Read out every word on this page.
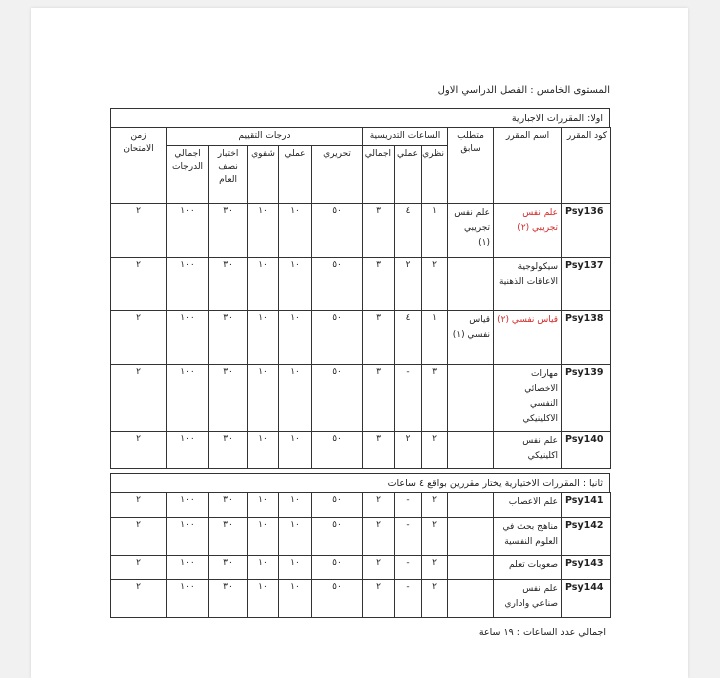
المستوى الخامس : الفصل الدراسي الاول
اولا: المقررات الاجبارية
كود المقرر	اسم المقرر	متطلب سابق	الساعات التدريسية			درجات التقييم					زمن الامتحان
			نظري	عملي	اجمالي	تحريري	عملي	شفوي	اختبار نصف العام	اجمالي الدرجات	
Psy136	علم نفس تجريبي (٢)	علم نفس تجريبي (١)	١	٤	٣	٥٠	١٠	١٠	٣٠	١٠٠	٢
Psy137	سيكولوجية الاعاقات الذهنية		٢	٢	٣	٥٠	١٠	١٠	٣٠	١٠٠	٢
Psy138	قياس نفسي (٢)	قياس نفسي (١)	١	٤	٣	٥٠	١٠	١٠	٣٠	١٠٠	٢
Psy139	مهارات الاخصائي النفسي الاكلينيكي		٣	-	٣	٥٠	١٠	١٠	٣٠	١٠٠	٢
Psy140	علم نفس اكلينيكي		٢	٢	٣	٥٠	١٠	١٠	٣٠	١٠٠	٢
ثانيا : المقررات الاختيارية يختار مقررين بواقع ٤ ساعات
Psy141	علم الاعصاب		٢	-	٢	٥٠	١٠	١٠	٣٠	١٠٠	٢
Psy142	مناهج بحث في العلوم النفسية		٢	-	٢	٥٠	١٠	١٠	٣٠	١٠٠	٢
Psy143	صعوبات تعلم		٢	-	٢	٥٠	١٠	١٠	٣٠	١٠٠	٢
Psy144	علم نفس صناعي واداري		٢	-	٢	٥٠	١٠	١٠	٣٠	١٠٠	٢
اجمالي عدد الساعات : ١٩ ساعة
